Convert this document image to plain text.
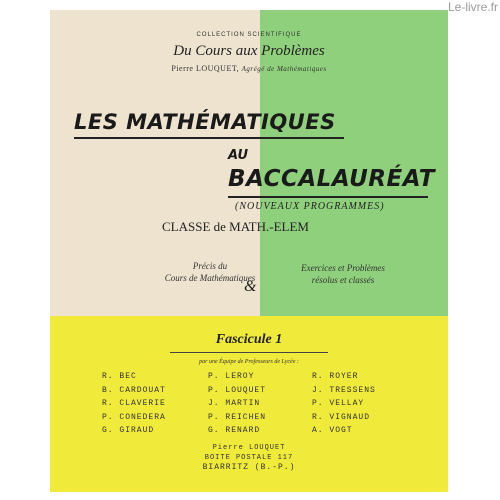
COLLECTION SCIENTIFIQUE
Du Cours aux Problèmes
Pierre LOUQUET, Agrégé de Mathématiques
LES MATHÉMATIQUES
AU
BACCALAURÉAT
(NOUVEAUX PROGRAMMES)
CLASSE de MATH.-ELEM
Précis du
Cours de Mathématiques
&
Exercices et Problèmes
résolus et classés
Fascicule 1
par une Équipe de Professeurs de Lycée :
R. BEC
B. CARDOUAT
R. CLAVERIE
P. CONEDERA
G. GIRAUD
P. LEROY
P. LOUQUET
J. MARTIN
P. REICHEN
G. RENARD
R. ROYER
J. TRESSENS
P. VELLAY
R. VIGNAUD
A. VOGT
Pierre LOUQUET
BOITE POSTALE 117
BIARRITZ (B.-P.)
Le-livre.fr
